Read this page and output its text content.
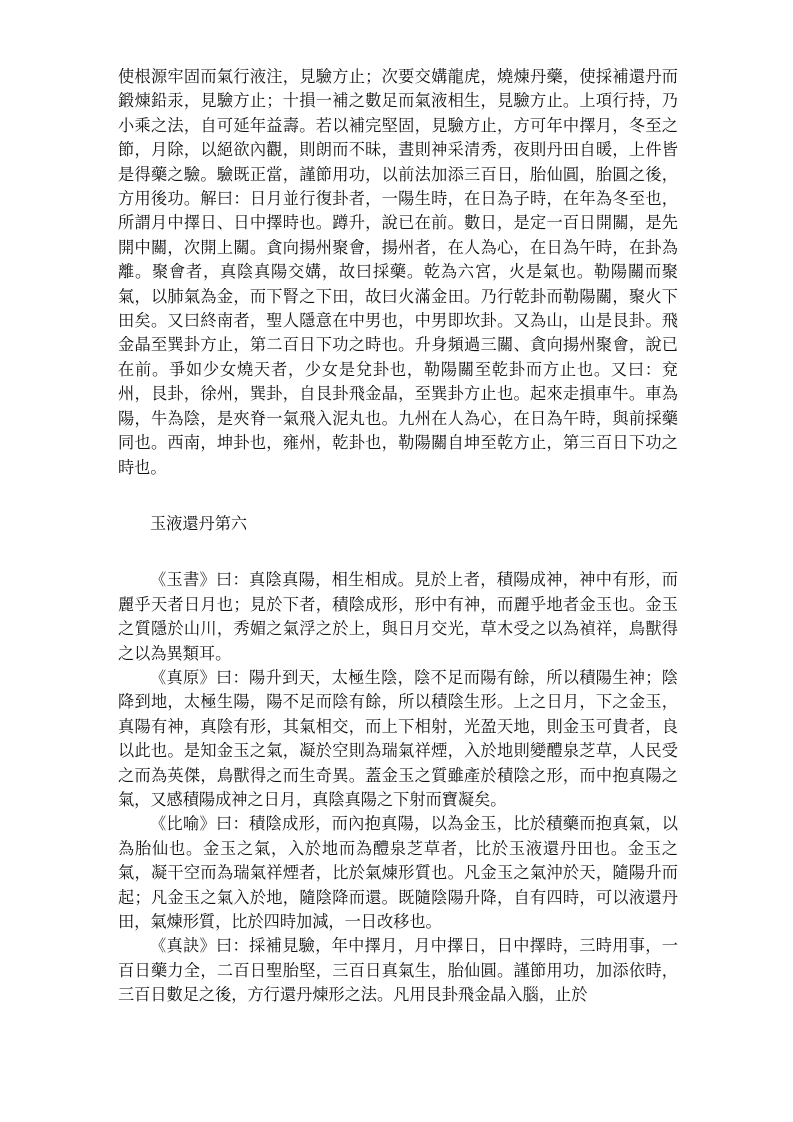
使根源牢固而氣行液注，見驗方止；次要交媾龍虎，燒煉丹藥，使採補還丹而鍛煉鉛汞，見驗方止；十損一補之數足而氣液相生，見驗方止。上項行持，乃小乘之法，自可延年益壽。若以補完堅固，見驗方止，方可年中擇月，冬至之節，月除，以絕欲內觀，則朗而不昧，晝則神采清秀，夜則丹田自暖，上件皆是得藥之驗。驗既正當，謹節用功，以前法加添三百日，胎仙圓，胎圓之後，方用後功。解曰：日月並行復卦者，一陽生時，在日為子時，在年為冬至也，所謂月中擇日、日中擇時也。蹲升，說已在前。數日，是定一百日開關，是先開中關，次開上關。貪向揚州聚會，揚州者，在人為心，在日為午時，在卦為離。聚會者，真陰真陽交媾，故曰採藥。乾為六宮，火是氣也。勒陽關而聚氣，以肺氣為金，而下腎之下田，故曰火滿金田。乃行乾卦而勒陽關，聚火下田矣。又曰終南者，聖人隱意在中男也，中男即坎卦。又為山，山是艮卦。飛金晶至巽卦方止，第二百日下功之時也。升身頻過三關、貪向揚州聚會，說已在前。爭如少女燒天者，少女是兌卦也，勒陽關至乾卦而方止也。又曰：兗州，艮卦，徐州，巽卦，自艮卦飛金晶，至巽卦方止也。起來走損車牛。車為陽，牛為陰，是夾脊一氣飛入泥丸也。九州在人為心，在日為午時，與前採藥同也。西南，坤卦也，雍州，乾卦也，勒陽關自坤至乾方止，第三百日下功之時也。

玉液還丹第六

《玉書》曰：真陰真陽，相生相成。見於上者，積陽成神，神中有形，而麗乎天者日月也；見於下者，積陰成形，形中有神，而麗乎地者金玉也。金玉之質隱於山川，秀媚之氣浮之於上，與日月交光，草木受之以為禎祥，鳥獸得之以為異類耳。

《真原》曰：陽升到天，太極生陰，陰不足而陽有餘，所以積陽生神；陰降到地，太極生陽，陽不足而陰有餘，所以積陰生形。上之日月，下之金玉，真陽有神，真陰有形，其氣相交，而上下相射，光盈天地，則金玉可貴者，良以此也。是知金玉之氣，凝於空則為瑞氣祥煙，入於地則變醴泉芝草，人民受之而為英傑，鳥獸得之而生奇異。蓋金玉之質雖產於積陰之形，而中抱真陽之氣，又感積陽成神之日月，真陰真陽之下射而寶凝矣。

《比喻》曰：積陰成形，而內抱真陽，以為金玉，比於積藥而抱真氣，以為胎仙也。金玉之氣，入於地而為醴泉芝草者，比於玉液還丹田也。金玉之氣，凝干空而為瑞氣祥煙者，比於氣煉形質也。凡金玉之氣沖於天，隨陽升而起；凡金玉之氣入於地，隨陰降而還。既隨陰陽升降，自有四時，可以液還丹田，氣煉形質，比於四時加減，一日改移也。

《真訣》曰：採補見驗，年中擇月，月中擇日，日中擇時，三時用事，一百日藥力全，二百日聖胎堅，三百日真氣生，胎仙圓。謹節用功，加添依時，三百日數足之後，方行還丹煉形之法。凡用艮卦飛金晶入腦，止於
